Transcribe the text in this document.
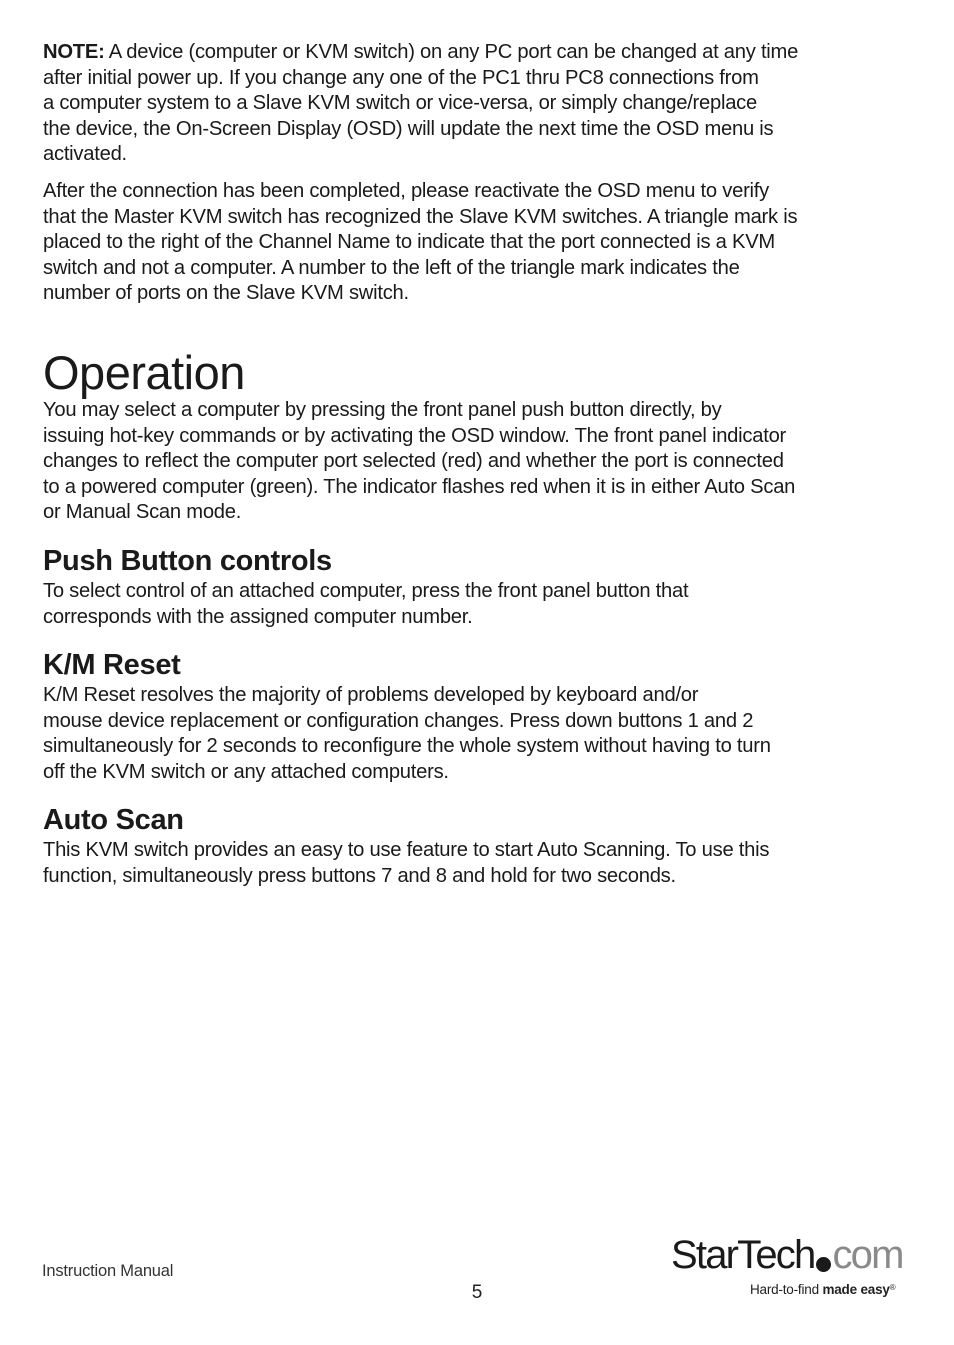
NOTE: A device (computer or KVM switch) on any PC port can be changed at any time
after initial power up. If you change any one of the PC1 thru PC8 connections from
a computer system to a Slave KVM switch or vice-versa, or simply change/replace
the device, the On-Screen Display (OSD) will update the next time the OSD menu is
activated.

After the connection has been completed, please reactivate the OSD menu to verify
that the Master KVM switch has recognized the Slave KVM switches. A triangle mark is
placed to the right of the Channel Name to indicate that the port connected is a KVM
switch and not a computer. A number to the left of the triangle mark indicates the
number of ports on the Slave KVM switch.

Operation

You may select a computer by pressing the front panel push button directly, by
issuing hot-key commands or by activating the OSD window. The front panel indicator
changes to reflect the computer port selected (red) and whether the port is connected
to a powered computer (green). The indicator flashes red when it is in either Auto Scan
or Manual Scan mode.

Push Button controls

To select control of an attached computer, press the front panel button that
corresponds with the assigned computer number.

K/M Reset

K/M Reset resolves the majority of problems developed by keyboard and/or
mouse device replacement or configuration changes. Press down buttons 1 and 2
simultaneously for 2 seconds to reconfigure the whole system without having to turn
off the KVM switch or any attached computers.

Auto Scan

This KVM switch provides an easy to use feature to start Auto Scanning. To use this
function, simultaneously press buttons 7 and 8 and hold for two seconds.

Instruction Manual
5
StarTech com
Hard-to-find made easy®
